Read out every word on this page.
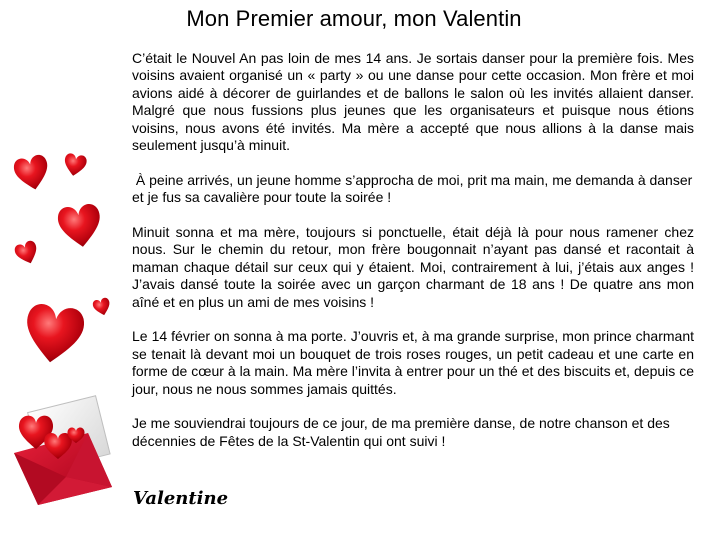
Mon Premier amour, mon Valentin

C’était le Nouvel An pas loin de mes 14 ans. Je sortais danser pour la première fois. Mes voisins avaient organisé un « party » ou une danse pour cette occasion. Mon frère et moi avions aidé à décorer de guirlandes et de ballons le salon où les invités allaient danser. Malgré que nous fussions plus jeunes que les organisateurs et puisque nous étions voisins, nous avons été invités. Ma mère a accepté que nous allions à la danse mais seulement jusqu’à minuit.

À peine arrivés, un jeune homme s’approcha de moi, prit ma main, me demanda à danser et je fus sa cavalière pour toute la soirée !

Minuit sonna et ma mère, toujours si ponctuelle, était déjà là pour nous ramener chez nous. Sur le chemin du retour, mon frère bougonnait n’ayant pas dansé et racontait à maman chaque détail sur ceux qui y étaient. Moi, contrairement à lui, j’étais aux anges ! J’avais dansé toute la soirée avec un garçon charmant de 18 ans ! De quatre ans mon aîné et en plus un ami de mes voisins !

Le 14 février on sonna à ma porte. J’ouvris et, à ma grande surprise, mon prince charmant se tenait là devant moi un bouquet de trois roses rouges, un petit cadeau et une carte en forme de cœur à la main. Ma mère l’invita à entrer pour un thé et des biscuits et, depuis ce jour, nous ne nous sommes jamais quittés.

Je me souviendrai toujours de ce jour, de ma première danse, de notre chanson et des décennies de Fêtes de la St-Valentin qui ont suivi !

Valentine
